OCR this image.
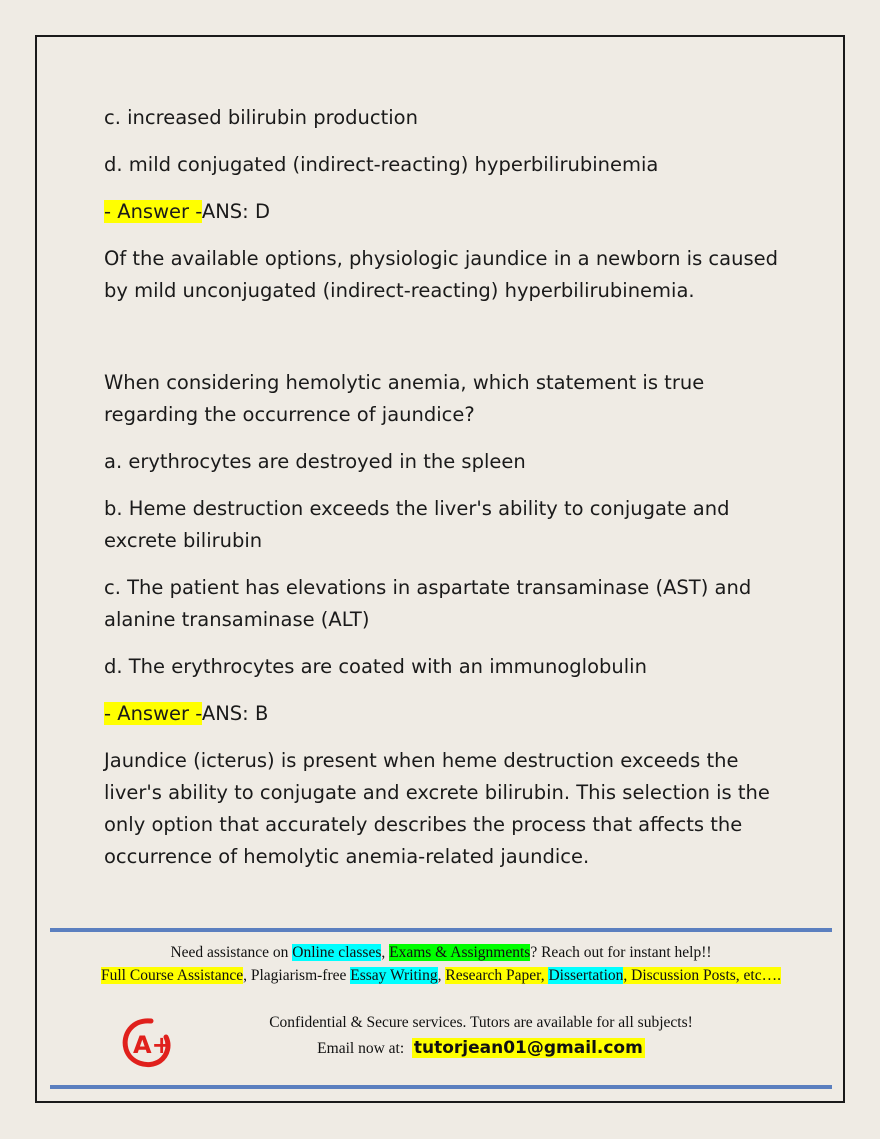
c. increased bilirubin production

d. mild conjugated (indirect-reacting) hyperbilirubinemia

- Answer -ANS: D

Of the available options, physiologic jaundice in a newborn is caused by mild unconjugated (indirect-reacting) hyperbilirubinemia.

When considering hemolytic anemia, which statement is true regarding the occurrence of jaundice?

a. erythrocytes are destroyed in the spleen

b. Heme destruction exceeds the liver's ability to conjugate and excrete bilirubin

c. The patient has elevations in aspartate transaminase (AST) and alanine transaminase (ALT)

d. The erythrocytes are coated with an immunoglobulin

- Answer -ANS: B

Jaundice (icterus) is present when heme destruction exceeds the liver's ability to conjugate and excrete bilirubin. This selection is the only option that accurately describes the process that affects the occurrence of hemolytic anemia-related jaundice.

Need assistance on Online classes, Exams & Assignments? Reach out for instant help!!
Full Course Assistance, Plagiarism-free Essay Writing, Research Paper, Dissertation, Discussion Posts, etc….
A+
Confidential & Secure services. Tutors are available for all subjects!
Email now at: tutorjean01@gmail.com
